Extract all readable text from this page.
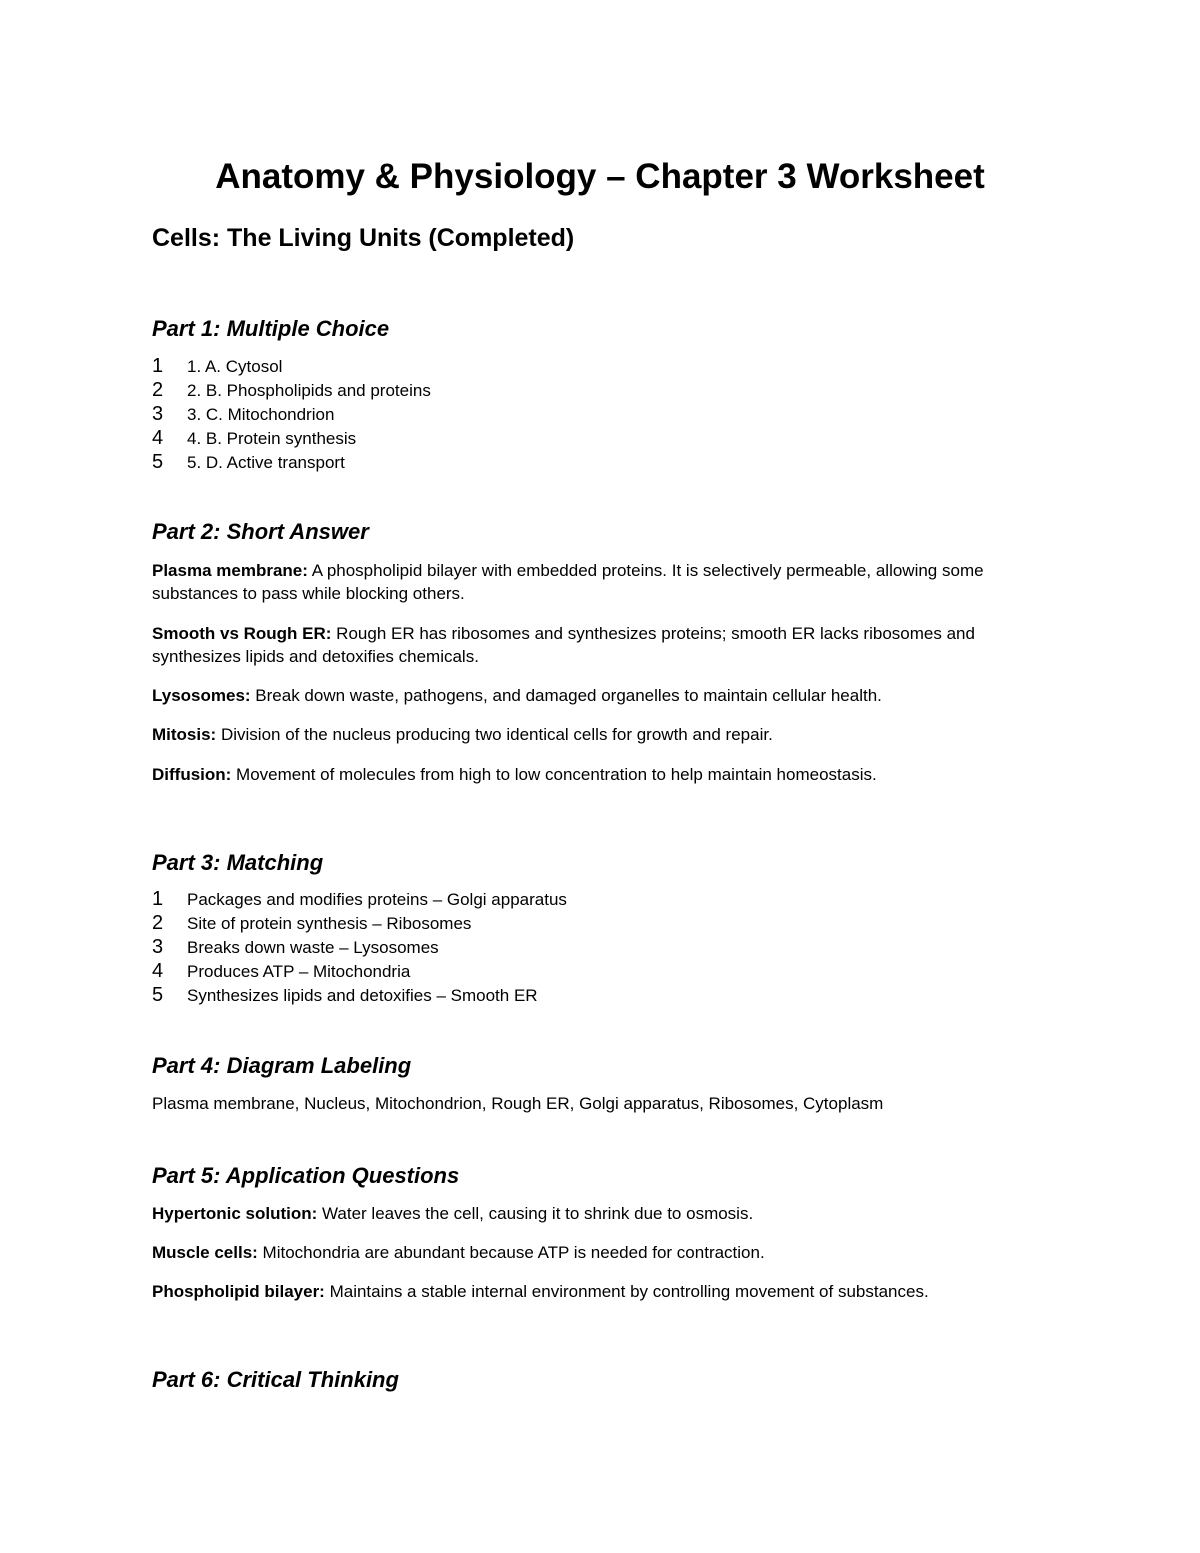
Anatomy & Physiology – Chapter 3 Worksheet
Cells: The Living Units (Completed)
Part 1: Multiple Choice
1	1. A. Cytosol
2	2. B. Phospholipids and proteins
3	3. C. Mitochondrion
4	4. B. Protein synthesis
5	5. D. Active transport
Part 2: Short Answer

Plasma membrane: A phospholipid bilayer with embedded proteins. It is selectively permeable, allowing some substances to pass while blocking others.

Smooth vs Rough ER: Rough ER has ribosomes and synthesizes proteins; smooth ER lacks ribosomes and synthesizes lipids and detoxifies chemicals.

Lysosomes: Break down waste, pathogens, and damaged organelles to maintain cellular health.

Mitosis: Division of the nucleus producing two identical cells for growth and repair.

Diffusion: Movement of molecules from high to low concentration to help maintain homeostasis.

Part 3: Matching
1	Packages and modifies proteins – Golgi apparatus
2	Site of protein synthesis – Ribosomes
3	Breaks down waste – Lysosomes
4	Produces ATP – Mitochondria
5	Synthesizes lipids and detoxifies – Smooth ER
Part 4: Diagram Labeling

Plasma membrane, Nucleus, Mitochondrion, Rough ER, Golgi apparatus, Ribosomes, Cytoplasm

Part 5: Application Questions

Hypertonic solution: Water leaves the cell, causing it to shrink due to osmosis.

Muscle cells: Mitochondria are abundant because ATP is needed for contraction.

Phospholipid bilayer: Maintains a stable internal environment by controlling movement of substances.

Part 6: Critical Thinking
